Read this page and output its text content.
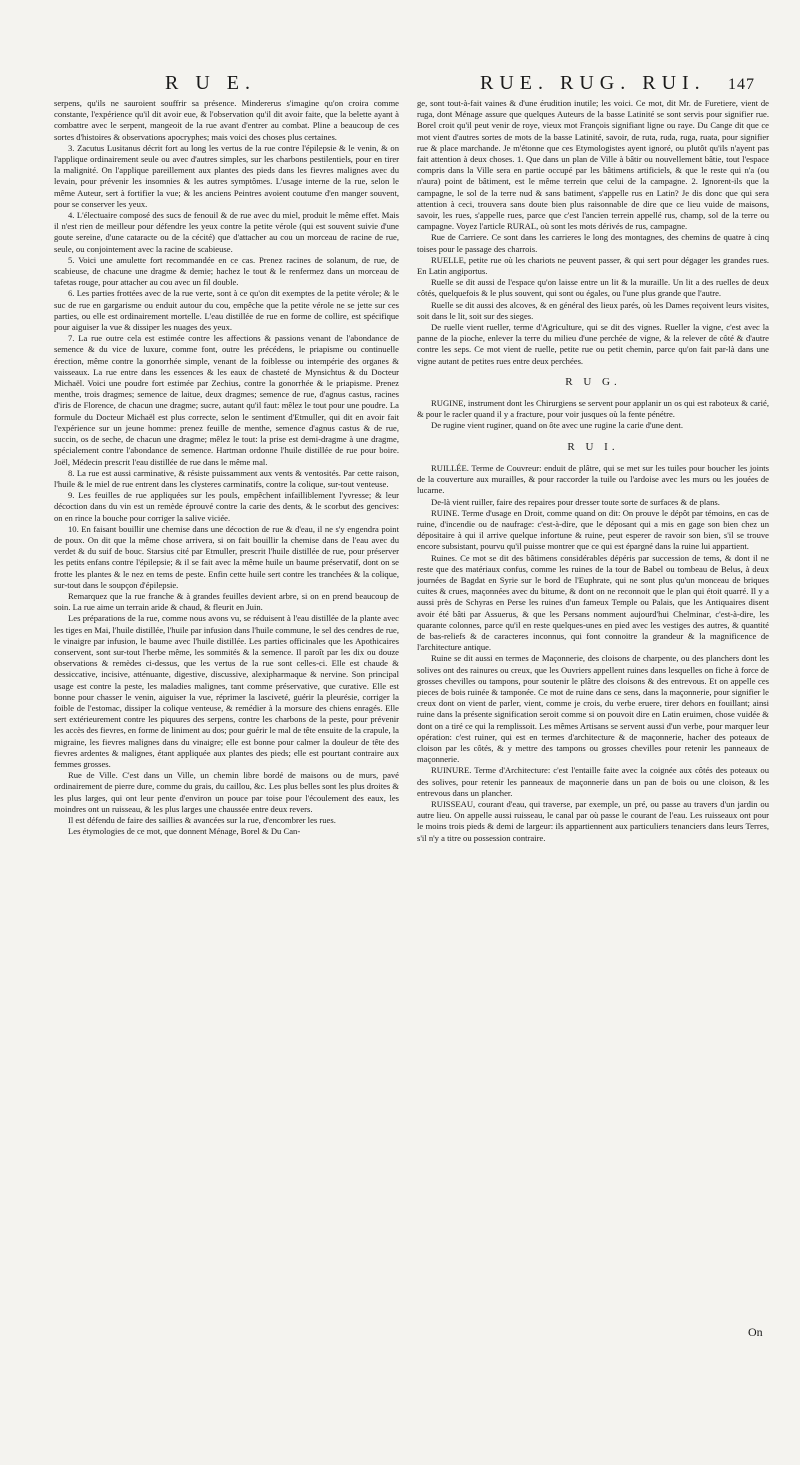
R U E.	RUE. RUG. RUI. 147

serpens, qu'ils ne sauroient souffrir sa présence. Mindererus s'imagine qu'on croira comme constante, l'expérience qu'il dit avoir eue, & l'observation qu'il dit avoir faite, que la belette ayant à combattre avec le serpent, mangeoit de la rue avant d'entrer au combat. Pline a beaucoup de ces sortes d'histoires & observations apocryphes; mais voici des choses plus certaines.

3. Zacutus Lusitanus décrit fort au long les vertus de la rue contre l'épilepsie & le venin, & on l'applique ordinairement seule ou avec d'autres simples, sur les charbons pestilentiels, pour en tirer la malignité. On l'applique pareillement aux plantes des pieds dans les fievres malignes avec du levain, pour prévenir les insomnies & les autres symptômes. L'usage interne de la rue, selon le même Auteur, sert à fortifier la vue; & les anciens Peintres avoient coutume d'en manger souvent, pour se conserver les yeux.

4. L'électuaire composé des sucs de fenouil & de rue avec du miel, produit le même effet. Mais il n'est rien de meilleur pour défendre les yeux contre la petite vérole (qui est souvent suivie d'une goute sereine, d'une cataracte ou de la cécité) que d'attacher au cou un morceau de racine de rue, seule, ou conjointement avec la racine de scabieuse.

5. Voici une amulette fort recommandée en ce cas. Prenez racines de solanum, de rue, de scabieuse, de chacune une dragme & demie; hachez le tout & le renfermez dans un morceau de tafetas rouge, pour attacher au cou avec un fil double.

6. Les parties frottées avec de la rue verte, sont à ce qu'on dit exemptes de la petite vérole; & le suc de rue en gargarisme ou enduit autour du cou, empêche que la petite vérole ne se jette sur ces parties, ou elle est ordinairement mortelle. L'eau distillée de rue en forme de collire, est spécifique pour aiguiser la vue & dissiper les nuages des yeux.

7. La rue outre cela est estimée contre les affections & passions venant de l'abondance de semence & du vice de luxure, comme font, outre les précédens, le priapisme ou continuelle érection, même contre la gonorrhée simple, venant de la foiblesse ou intempérie des organes & vaisseaux. La rue entre dans les essences & les eaux de chasteté de Mynsichtus & du Docteur Michaël. Voici une poudre fort estimée par Zechius, contre la gonorrhée & le priapisme. Prenez menthe, trois dragmes; semence de laitue, deux dragmes; semence de rue, d'agnus castus, racines d'iris de Florence, de chacun une dragme; sucre, autant qu'il faut: mêlez le tout pour une poudre. La formule du Docteur Michaël est plus correcte, selon le sentiment d'Etmuller, qui dit en avoir fait l'expérience sur un jeune homme: prenez feuille de menthe, semence d'agnus castus & de rue, succin, os de seche, de chacun une dragme; mêlez le tout: la prise est demi-dragme à une dragme, spécialement contre l'abondance de semence. Hartman ordonne l'huile distillée de rue pour boire. Joël, Médecin prescrit l'eau distillée de rue dans le même mal.

8. La rue est aussi carminative, & résiste puissamment aux vents & ventosités. Par cette raison, l'huile & le miel de rue entrent dans les clysteres carminatifs, contre la colique, sur-tout venteuse.

9. Les feuilles de rue appliquées sur les pouls, empêchent infailliblement l'yvresse; & leur décoction dans du vin est un remède éprouvé contre la carie des dents, & le scorbut des gencives: on en rince la bouche pour corriger la salive viciée.

10. En faisant bouillir une chemise dans une décoction de rue & d'eau, il ne s'y engendra point de poux. On dit que la même chose arrivera, si on fait bouillir la chemise dans de l'eau avec du verdet & du suif de bouc. Starsius cité par Etmuller, prescrit l'huile distillée de rue, pour préserver les petits enfans contre l'épilepsie; & il se fait avec la même huile un baume préservatif, dont on se frotte les plantes & le nez en tems de peste. Enfin cette huile sert contre les tranchées & la colique, sur-tout dans le soupçon d'épilepsie.

Remarquez que la rue franche & à grandes feuilles devient arbre, si on en prend beaucoup de soin. La rue aime un terrain aride & chaud, & fleurit en Juin.

Les préparations de la rue, comme nous avons vu, se réduisent à l'eau distillée de la plante avec les tiges en Mai, l'huile distillée, l'huile par infusion dans l'huile commune, le sel des cendres de rue, le vinaigre par infusion, le baume avec l'huile distillée. Les parties officinales que les Apothicaires conservent, sont sur-tout l'herbe même, les sommités & la semence. Il paroît par les dix ou douze observations & remèdes ci-dessus, que les vertus de la rue sont celles-ci. Elle est chaude & dessiccative, incisive, atténuante, digestive, discussive, alexipharmaque & nervine. Son principal usage est contre la peste, les maladies malignes, tant comme préservative, que curative. Elle est bonne pour chasser le venin, aiguiser la vue, réprimer la lasciveté, guérir la pleurésie, corriger la foible de l'estomac, dissiper la colique venteuse, & remédier à la morsure des chiens enragés. Elle sert extérieurement contre les piquures des serpens, contre les charbons de la peste, pour prévenir les accès des fievres, en forme de liniment au dos; pour guérir le mal de tête ensuite de la crapule, la migraine, les fievres malignes dans du vinaigre; elle est bonne pour calmer la douleur de tête des fievres ardentes & malignes, étant appliquée aux plantes des pieds; elle est pourtant contraire aux femmes grosses.

Rue de Ville. C'est dans un Ville, un chemin libre bordé de maisons ou de murs, pavé ordinairement de pierre dure, comme du grais, du caillou, &c. Les plus belles sont les plus droites & les plus larges, qui ont leur pente d'environ un pouce par toise pour l'écoulement des eaux, les moindres ont un ruisseau, & les plus larges une chaussée entre deux revers.

Il est défendu de faire des saillies & avancées sur la rue, d'encombrer les rues.

Les étymologies de ce mot, que donnent Ménage, Borel & Du Can-

ge, sont tout-à-fait vaines & d'une érudition inutile; les voici. Ce mot, dit Mr. de Furetiere, vient de ruga, dont Ménage assure que quelques Auteurs de la basse Latinité se sont servis pour signifier rue. Borel croit qu'il peut venir de roye, vieux mot François signifiant ligne ou raye. Du Cange dit que ce mot vient d'autres sortes de mots de la basse Latinité, savoir, de ruta, ruda, ruga, ruata, pour signifier rue & place marchande. Je m'étonne que ces Etymologistes ayent ignoré, ou plutôt qu'ils n'ayent pas fait attention à deux choses. 1. Que dans un plan de Ville à bâtir ou nouvellement bâtie, tout l'espace compris dans la Ville sera en partie occupé par les bâtimens artificiels, & que le reste qui n'a (ou n'aura) point de bâtiment, est le même terrein que celui de la campagne. 2. Ignorent-ils que la campagne, le sol de la terre nud & sans batiment, s'appelle rus en Latin? Je dis donc que qui sera attention à ceci, trouvera sans doute bien plus raisonnable de dire que ce lieu vuide de maisons, savoir, les rues, s'appelle rues, parce que c'est l'ancien terrein appellé rus, champ, sol de la terre ou campagne. Voyez l'article RURAL, où sont les mots dérivés de rus, campagne.

Rue de Carriere. Ce sont dans les carrieres le long des montagnes, des chemins de quatre à cinq toises pour le passage des charrois.

RUELLE, petite rue où les chariots ne peuvent passer, & qui sert pour dégager les grandes rues. En Latin angiportus.

Ruelle se dit aussi de l'espace qu'on laisse entre un lit & la muraille. Un lit a des ruelles de deux côtés, quelquefois & le plus souvent, qui sont ou égales, ou l'une plus grande que l'autre.

Ruelle se dit aussi des alcoves, & en général des lieux parés, où les Dames reçoivent leurs visites, soit dans le lit, soit sur des sieges.

De ruelle vient rueller, terme d'Agriculture, qui se dit des vignes. Rueller la vigne, c'est avec la panne de la pioche, enlever la terre du milieu d'une perchée de vigne, & la relever de côté & d'autre contre les seps. Ce mot vient de ruelle, petite rue ou petit chemin, parce qu'on fait par-là dans une vigne autant de petites rues entre deux perchées.

R U G.

RUGINE, instrument dont les Chirurgiens se servent pour applanir un os qui est raboteux & carié, & pour le racler quand il y a fracture, pour voir jusques où la fente pénétre.

De rugine vient ruginer, quand on ôte avec une rugine la carie d'une dent.

R U I.

RUILLÉE. Terme de Couvreur: enduit de plâtre, qui se met sur les tuiles pour boucher les joints de la couverture aux murailles, & pour raccorder la tuile ou l'ardoise avec les murs ou les jouées de lucarne.

De-là vient ruiller, faire des repaires pour dresser toute sorte de surfaces & de plans.

RUINE. Terme d'usage en Droit, comme quand on dit: On prouve le dépôt par témoins, en cas de ruine, d'incendie ou de naufrage: c'est-à-dire, que le déposant qui a mis en gage son bien chez un dépositaire à qui il arrive quelque infortune & ruine, peut esperer de ravoir son bien, s'il se trouve encore subsistant, pourvu qu'il puisse montrer que ce qui est épargné dans la ruine lui appartient.

Ruines. Ce mot se dit des bâtimens considérables dépéris par succession de tems, & dont il ne reste que des matériaux confus, comme les ruines de la tour de Babel ou tombeau de Belus, à deux journées de Bagdat en Syrie sur le bord de l'Euphrate, qui ne sont plus qu'un monceau de briques cuites & crues, maçonnées avec du bitume, & dont on ne reconnoit que le plan qui étoit quarré. Il y a aussi près de Schyras en Perse les ruines d'un fameux Temple ou Palais, que les Antiquaires disent avoir été bâti par Assuerus, & que les Persans nomment aujourd'hui Chelminar, c'est-à-dire, les quarante colonnes, parce qu'il en reste quelques-unes en pied avec les vestiges des autres, & quantité de bas-reliefs & de caracteres inconnus, qui font connoitre la grandeur & la magnificence de l'architecture antique.

Ruine se dit aussi en termes de Maçonnerie, des cloisons de charpente, ou des planchers dont les solives ont des rainures ou creux, que les Ouvriers appellent ruines dans lesquelles on fiche à force de grosses chevilles ou tampons, pour soutenir le plâtre des cloisons & des entrevous. Et on appelle ces pieces de bois ruinée & tamponée. Ce mot de ruine dans ce sens, dans la maçonnerie, pour signifier le creux dont on vient de parler, vient, comme je crois, du verbe eruere, tirer dehors en fouillant; ainsi ruine dans la présente signification seroit comme si on pouvoit dire en Latin eruimen, chose vuidée & dont on a tiré ce qui la remplissoit. Les mêmes Artisans se servent aussi d'un verbe, pour marquer leur opération: c'est ruiner, qui est en termes d'architecture & de maçonnerie, hacher des poteaux de cloison par les côtés, & y mettre des tampons ou grosses chevilles pour retenir les panneaux de maçonnerie.

RUINURE. Terme d'Architecture: c'est l'entaille faite avec la coignée aux côtés des poteaux ou des solives, pour retenir les panneaux de maçonnerie dans un pan de bois ou une cloison, & les entrevous dans un plancher.

RUISSEAU, courant d'eau, qui traverse, par exemple, un pré, ou passe au travers d'un jardin ou autre lieu. On appelle aussi ruisseau, le canal par où passe le courant de l'eau. Les ruisseaux ont pour le moins trois pieds & demi de largeur: ils appartiennent aux particuliers tenanciers dans leurs Terres, s'il n'y a titre ou possession contraire.

On
